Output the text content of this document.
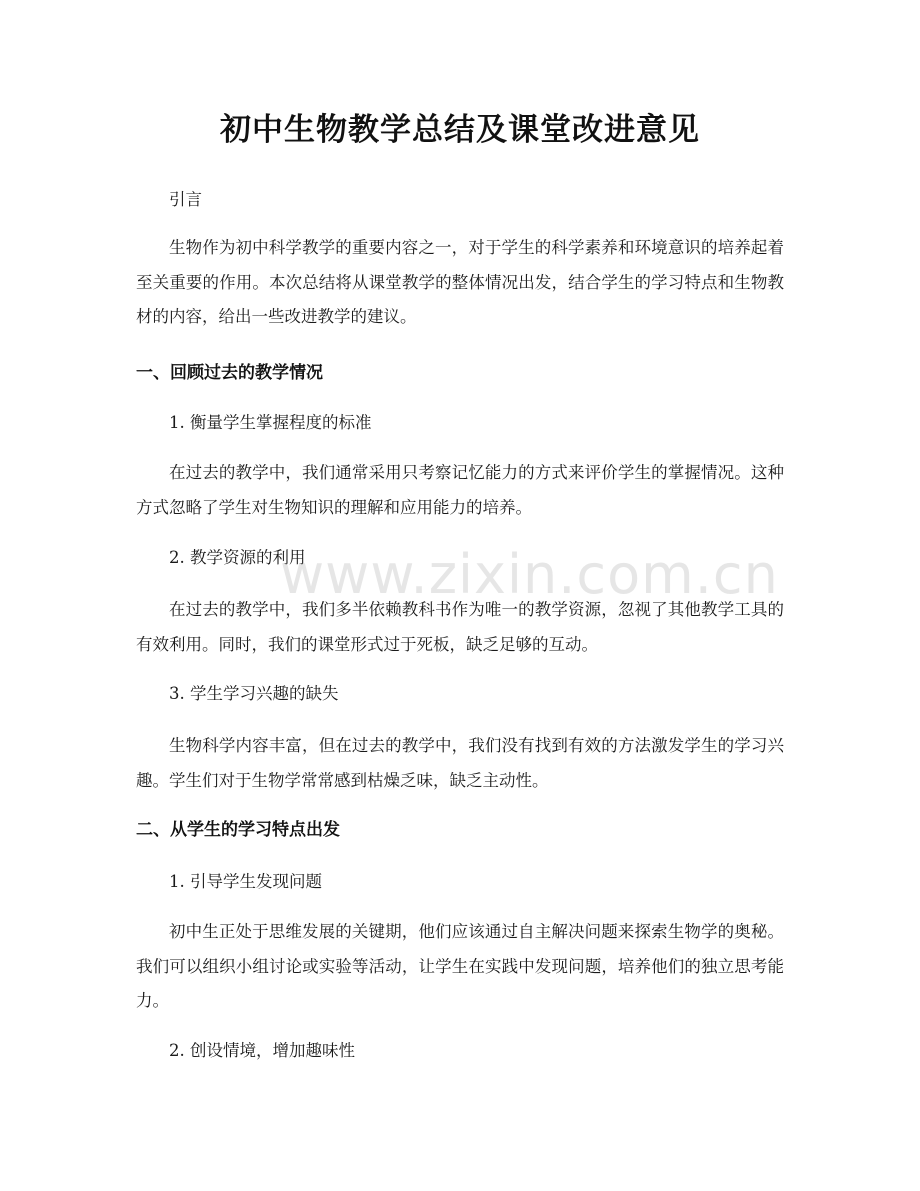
初中生物教学总结及课堂改进意见

引言

生物作为初中科学教学的重要内容之一，对于学生的科学素养和环境意识的培养起着至关重要的作用。本次总结将从课堂教学的整体情况出发，结合学生的学习特点和生物教材的内容，给出一些改进教学的建议。

一、回顾过去的教学情况

1. 衡量学生掌握程度的标准

在过去的教学中，我们通常采用只考察记忆能力的方式来评价学生的掌握情况。这种方式忽略了学生对生物知识的理解和应用能力的培养。

2. 教学资源的利用

在过去的教学中，我们多半依赖教科书作为唯一的教学资源，忽视了其他教学工具的有效利用。同时，我们的课堂形式过于死板，缺乏足够的互动。

3. 学生学习兴趣的缺失

生物科学内容丰富，但在过去的教学中，我们没有找到有效的方法激发学生的学习兴趣。学生们对于生物学常常感到枯燥乏味，缺乏主动性。

二、从学生的学习特点出发

1. 引导学生发现问题

初中生正处于思维发展的关键期，他们应该通过自主解决问题来探索生物学的奥秘。我们可以组织小组讨论或实验等活动，让学生在实践中发现问题，培养他们的独立思考能力。

2. 创设情境，增加趣味性

www.zixin.com.cn
